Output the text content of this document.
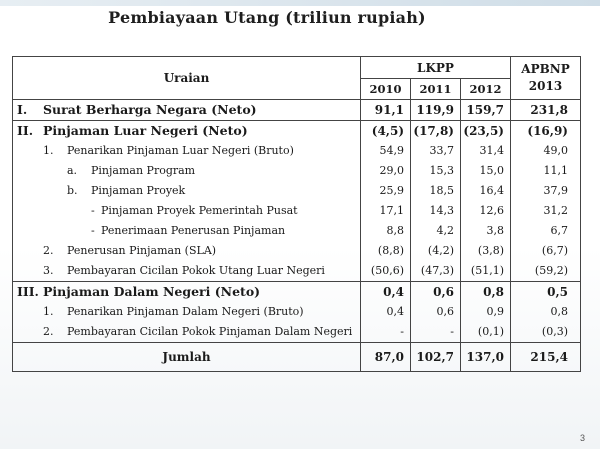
Pembiayaan Utang (triliun rupiah)
Uraian	LKPP			APBNP
2013
	2010	2011	2012	
I. Surat Berharga Negara (Neto)	91,1	119,9	159,7	231,8
II. Pinjaman Luar Negeri (Neto)	(4,5)	(17,8)	(23,5)	(16,9)
1. Penarikan Pinjaman Luar Negeri (Bruto)	54,9	33,7	31,4	49,0
a. Pinjaman Program	29,0	15,3	15,0	11,1
b. Pinjaman Proyek	25,9	18,5	16,4	37,9
- Pinjaman Proyek Pemerintah Pusat	17,1	14,3	12,6	31,2
- Penerimaan Penerusan Pinjaman	8,8	4,2	3,8	6,7
2. Penerusan Pinjaman (SLA)	(8,8)	(4,2)	(3,8)	(6,7)
3. Pembayaran Cicilan Pokok Utang Luar Negeri	(50,6)	(47,3)	(51,1)	(59,2)
III. Pinjaman Dalam Negeri (Neto)	0,4	0,6	0,8	0,5
1. Penarikan Pinjaman Dalam Negeri (Bruto)	0,4	0,6	0,9	0,8
2. Pembayaran Cicilan Pokok Pinjaman Dalam Negeri	-	-	(0,1)	(0,3)
Jumlah	87,0	102,7	137,0	215,4
3
